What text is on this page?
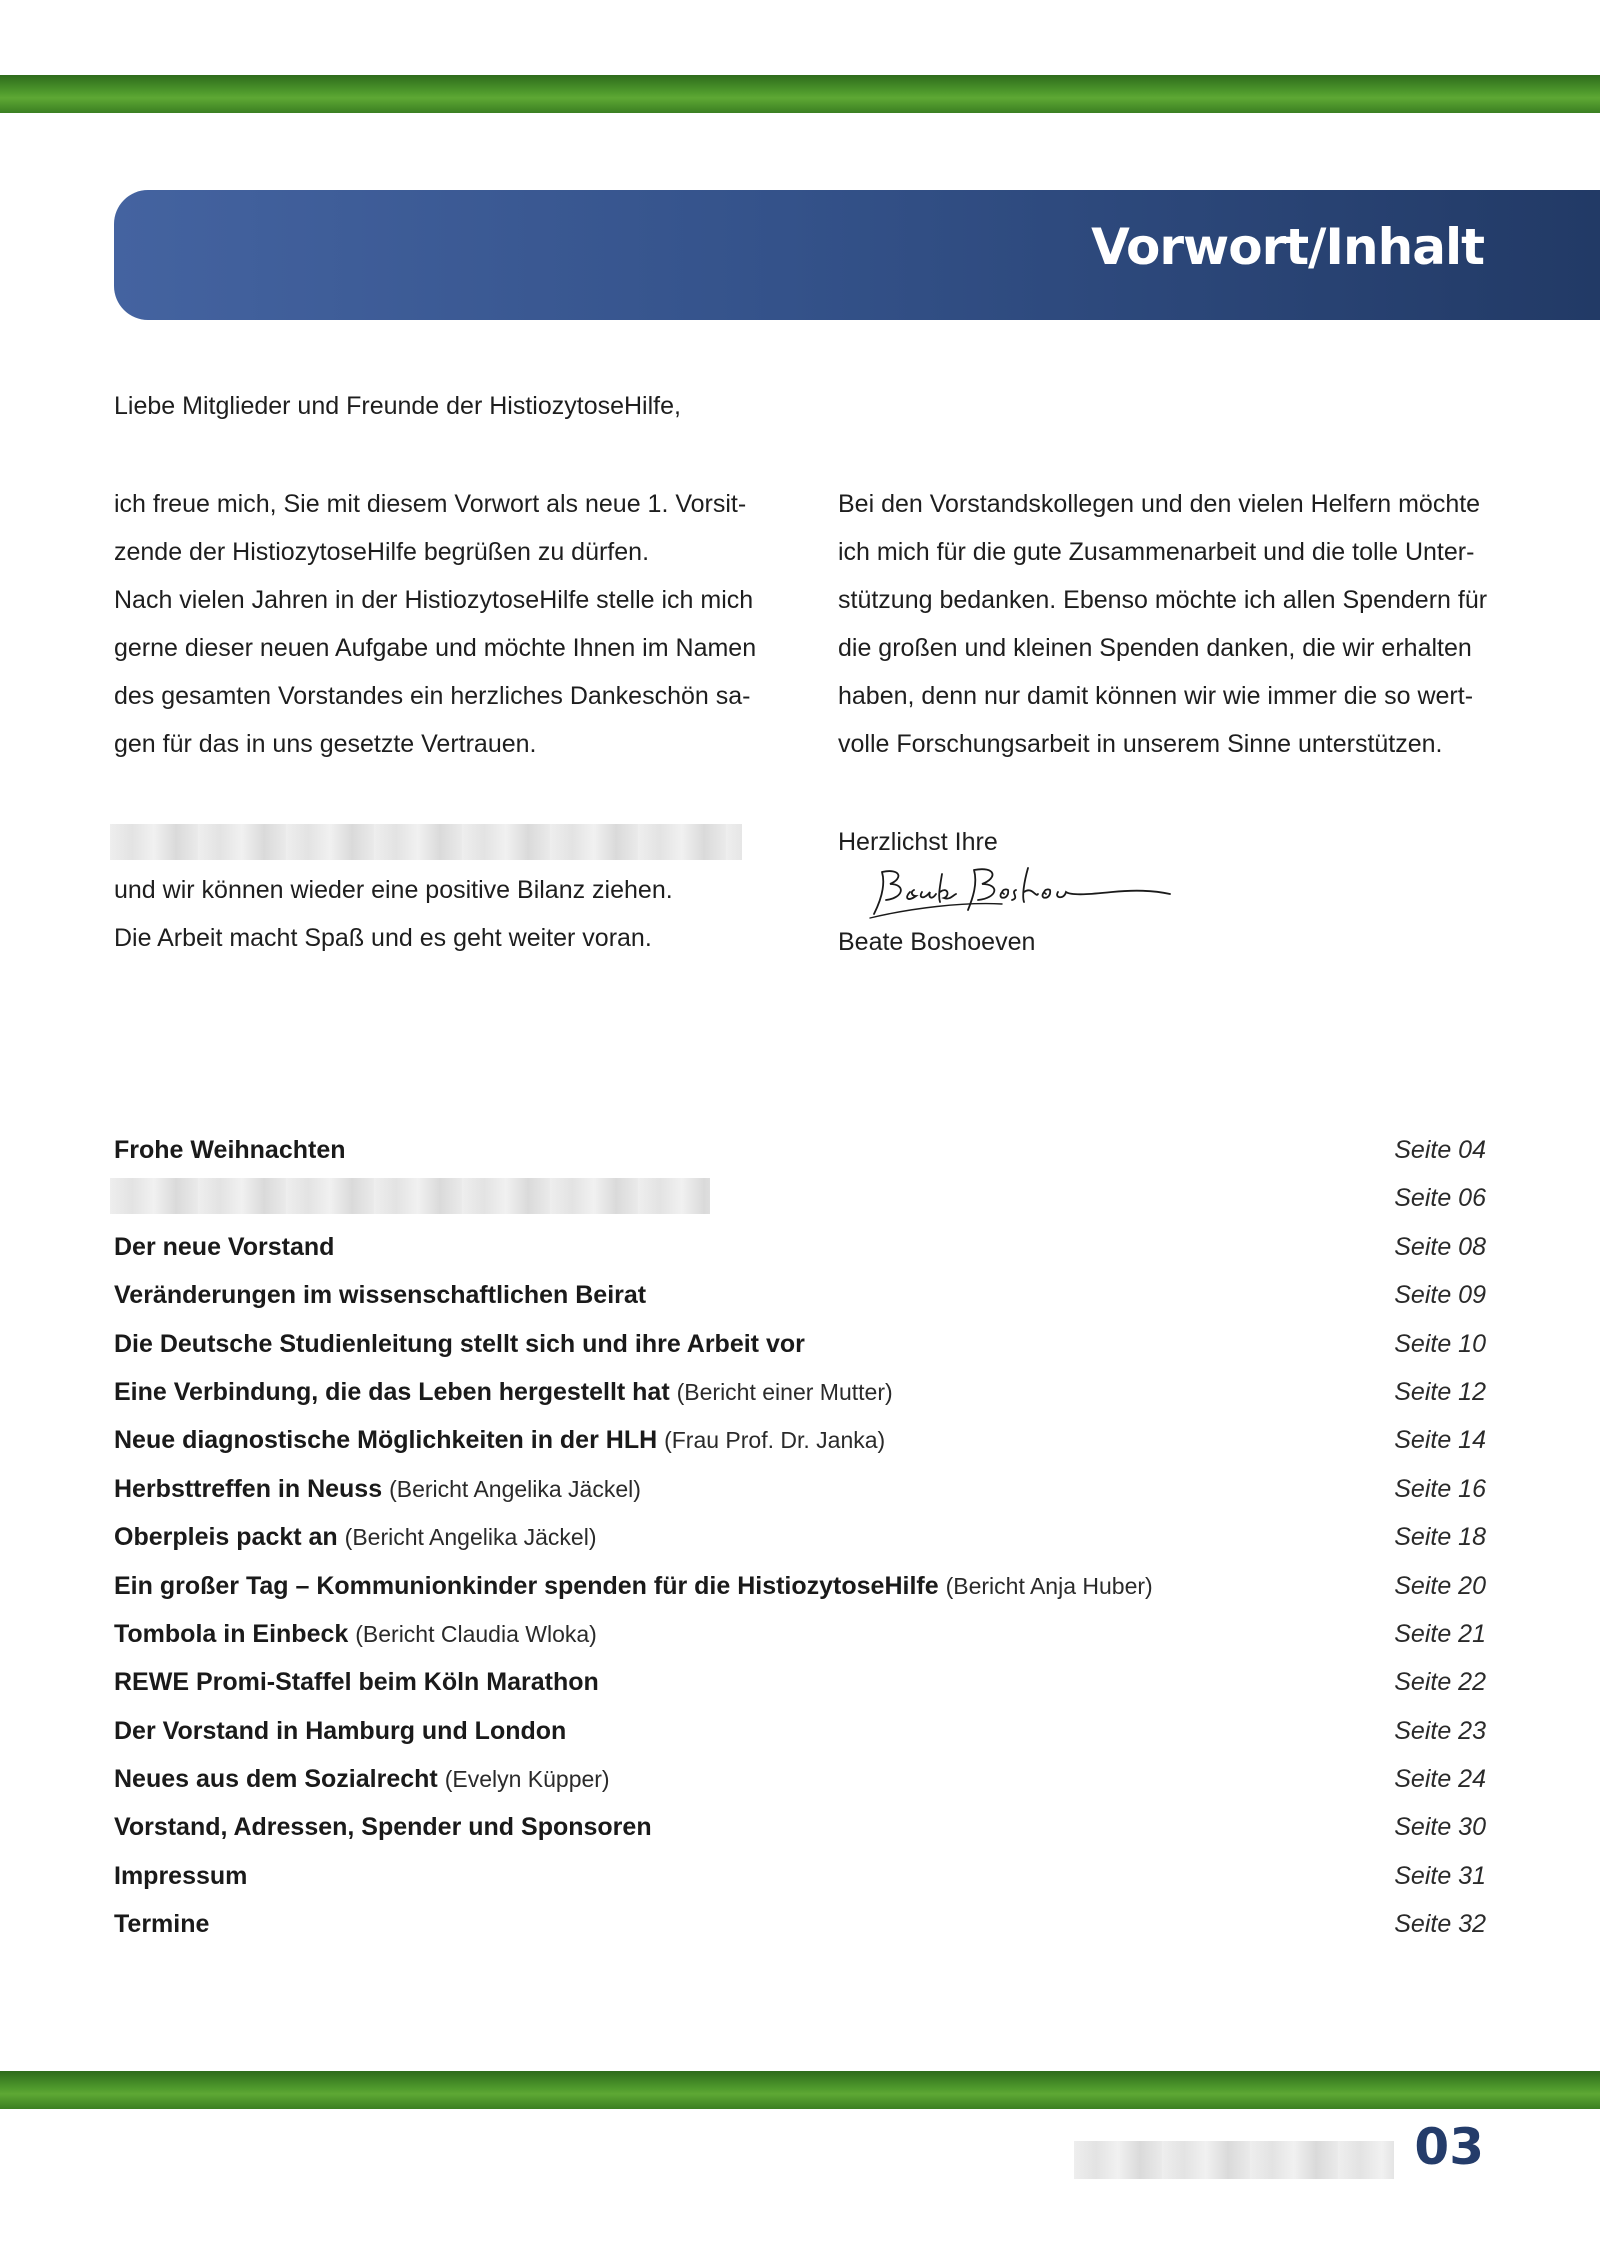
Vorwort/Inhalt
Liebe Mitglieder und Freunde der HistiozytoseHilfe,

ich freue mich, Sie mit diesem Vorwort als neue 1. Vorsit-

zende der HistiozytoseHilfe begrüßen zu dürfen.

Nach vielen Jahren in der HistiozytoseHilfe stelle ich mich

gerne dieser neuen Aufgabe und möchte Ihnen im Namen

des gesamten Vorstandes ein herzliches Dankeschön sa-

gen für das in uns gesetzte Vertrauen.

Bei den Vorstandskollegen und den vielen Helfern möchte

ich mich für die gute Zusammenarbeit und die tolle Unter-

stützung bedanken. Ebenso möchte ich allen Spendern für

die großen und kleinen Spenden danken, die wir erhalten

haben, denn nur damit können wir wie immer die so wert-

volle Forschungsarbeit in unserem Sinne unterstützen.

und wir können wieder eine positive Bilanz ziehen.
Die Arbeit macht Spaß und es geht weiter voran.

Herzlichst Ihre

Beate Boshoeven

Frohe Weihnachten	Seite 04
Seite 06
Der neue Vorstand	Seite 08
Veränderungen im wissenschaftlichen Beirat	Seite 09
Die Deutsche Studienleitung stellt sich und ihre Arbeit vor	Seite 10
Eine Verbindung, die das Leben hergestellt hat (Bericht einer Mutter)	Seite 12
Neue diagnostische Möglichkeiten in der HLH (Frau Prof. Dr. Janka)	Seite 14
Herbsttreffen in Neuss (Bericht Angelika Jäckel)	Seite 16
Oberpleis packt an (Bericht Angelika Jäckel)	Seite 18
Ein großer Tag – Kommunionkinder spenden für die HistiozytoseHilfe (Bericht Anja Huber)	Seite 20
Tombola in Einbeck (Bericht Claudia Wloka)	Seite 21
REWE Promi-Staffel beim Köln Marathon	Seite 22
Der Vorstand in Hamburg und London	Seite 23
Neues aus dem Sozialrecht (Evelyn Küpper)	Seite 24
Vorstand, Adressen, Spender und Sponsoren	Seite 30
Impressum	Seite 31
Termine	Seite 32

03
